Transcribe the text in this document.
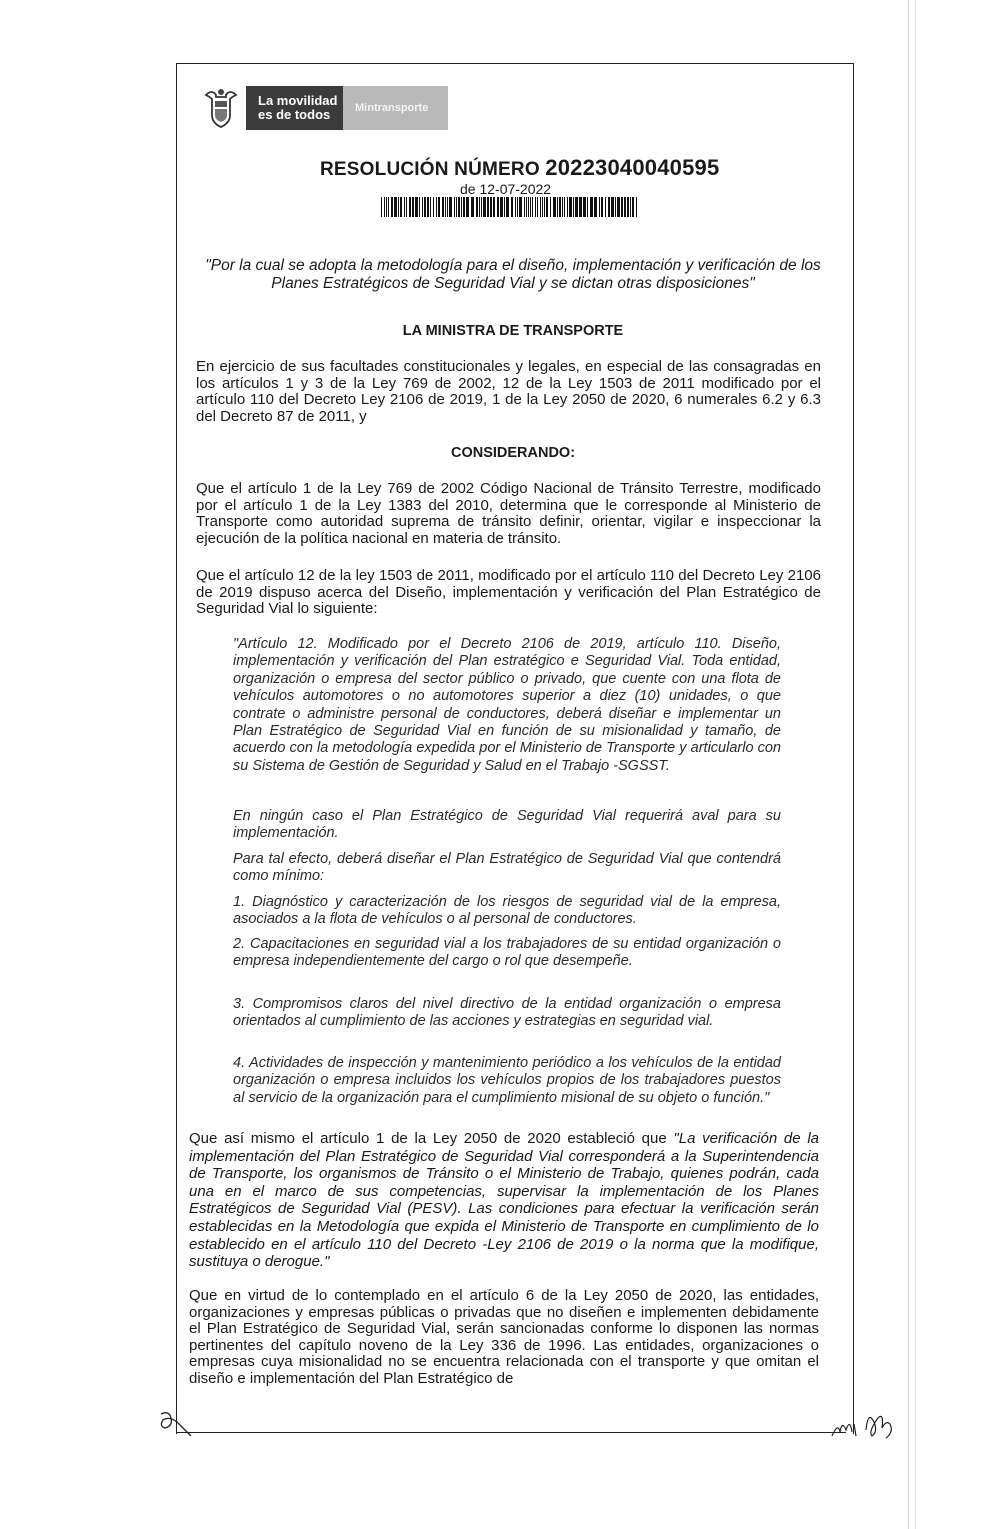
La movilidad
es de todos	Mintransporte
RESOLUCIÓN NÚMERO 20223040040595
de 12-07-2022
"Por la cual se adopta la metodología para el diseño, implementación y verificación de los Planes Estratégicos de Seguridad Vial y se dictan otras disposiciones"
LA MINISTRA DE TRANSPORTE
En ejercicio de sus facultades constitucionales y legales, en especial de las consagradas en los artículos 1 y 3 de la Ley 769 de 2002, 12 de la Ley 1503 de 2011 modificado por el artículo 110 del Decreto Ley 2106 de 2019, 1 de la Ley 2050 de 2020, 6 numerales 6.2 y 6.3 del Decreto 87 de 2011, y
CONSIDERANDO:
Que el artículo 1 de la Ley 769 de 2002 Código Nacional de Tránsito Terrestre, modificado por el artículo 1 de la Ley 1383 del 2010, determina que le corresponde al Ministerio de Transporte como autoridad suprema de tránsito definir, orientar, vigilar e inspeccionar la ejecución de la política nacional en materia de tránsito.
Que el artículo 12 de la ley 1503 de 2011, modificado por el artículo 110 del Decreto Ley 2106 de 2019 dispuso acerca del Diseño, implementación y verificación del Plan Estratégico de Seguridad Vial lo siguiente:
"Artículo 12. Modificado por el Decreto 2106 de 2019, artículo 110. Diseño, implementación y verificación del Plan estratégico e Seguridad Vial. Toda entidad, organización o empresa del sector público o privado, que cuente con una flota de vehículos automotores o no automotores superior a diez (10) unidades, o que contrate o administre personal de conductores, deberá diseñar e implementar un Plan Estratégico de Seguridad Vial en función de su misionalidad y tamaño, de acuerdo con la metodología expedida por el Ministerio de Transporte y articularlo con su Sistema de Gestión de Seguridad y Salud en el Trabajo -SGSST.
En ningún caso el Plan Estratégico de Seguridad Vial requerirá aval para su implementación.
Para tal efecto, deberá diseñar el Plan Estratégico de Seguridad Vial que contendrá como mínimo:
1. Diagnóstico y caracterización de los riesgos de seguridad vial de la empresa, asociados a la flota de vehículos o al personal de conductores.
2. Capacitaciones en seguridad vial a los trabajadores de su entidad organización o empresa independientemente del cargo o rol que desempeñe.
3. Compromisos claros del nivel directivo de la entidad organización o empresa orientados al cumplimiento de las acciones y estrategias en seguridad vial.
4. Actividades de inspección y mantenimiento periódico a los vehículos de la entidad organización o empresa incluidos los vehículos propios de los trabajadores puestos al servicio de la organización para el cumplimiento misional de su objeto o función."
Que así mismo el artículo 1 de la Ley 2050 de 2020 estableció que "La verificación de la implementación del Plan Estratégico de Seguridad Vial corresponderá a la Superintendencia de Transporte, los organismos de Tránsito o el Ministerio de Trabajo, quienes podrán, cada una en el marco de sus competencias, supervisar la implementación de los Planes Estratégicos de Seguridad Vial (PESV). Las condiciones para efectuar la verificación serán establecidas en la Metodología que expida el Ministerio de Transporte en cumplimiento de lo establecido en el artículo 110 del Decreto -Ley 2106 de 2019 o la norma que la modifique, sustituya o derogue."
Que en virtud de lo contemplado en el artículo 6 de la Ley 2050 de 2020, las entidades, organizaciones y empresas públicas o privadas que no diseñen e implementen debidamente el Plan Estratégico de Seguridad Vial, serán sancionadas conforme lo disponen las normas pertinentes del capítulo noveno de la Ley 336 de 1996. Las entidades, organizaciones o empresas cuya misionalidad no se encuentra relacionada con el transporte y que omitan el diseño e implementación del Plan Estratégico de
